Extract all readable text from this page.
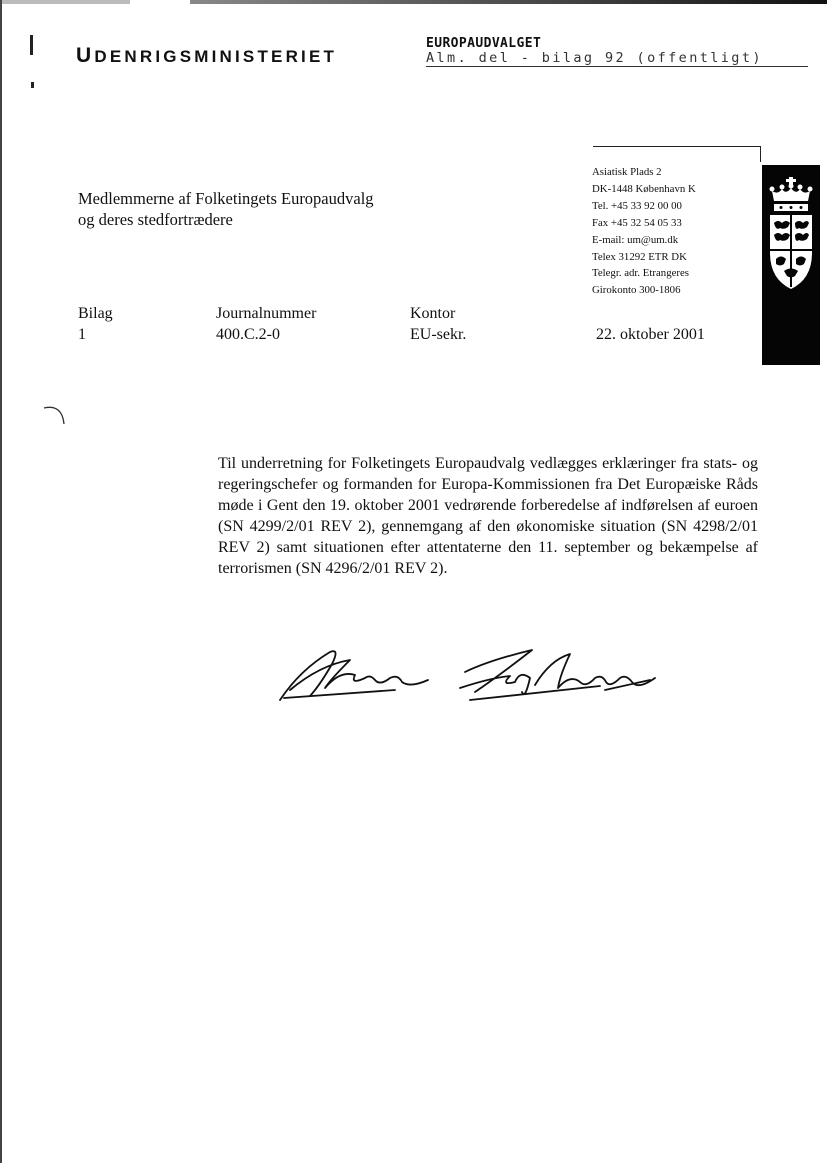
UDENRIGSMINISTERIET
EUROPAUDVALGET
Alm. del - bilag 92 (offentligt)
Medlemmerne af Folketingets Europaudvalg
og deres stedfortrædere
Asiatisk Plads 2
DK-1448 København K
Tel. +45 33 92 00 00
Fax +45 32 54 05 33
E-mail: um@um.dk
Telex 31292 ETR DK
Telegr. adr. Etrangeres
Girokonto 300-1806
Bilag
1
Journalnummer
400.C.2-0
Kontor
EU-sekr.	22. oktober 2001
Til underretning for Folketingets Europaudvalg vedlægges erklæringer fra stats- og regeringschefer og formanden for Europa-Kommissionen fra Det Europæiske Råds møde i Gent den 19. oktober 2001 vedrørende forberedelse af indførelsen af euroen (SN 4299/2/01 REV 2), gennemgang af den økonomiske situation (SN 4298/2/01 REV 2) samt situationen efter attentaterne den 11. september og bekæmpelse af terrorismen (SN 4296/2/01 REV 2).
